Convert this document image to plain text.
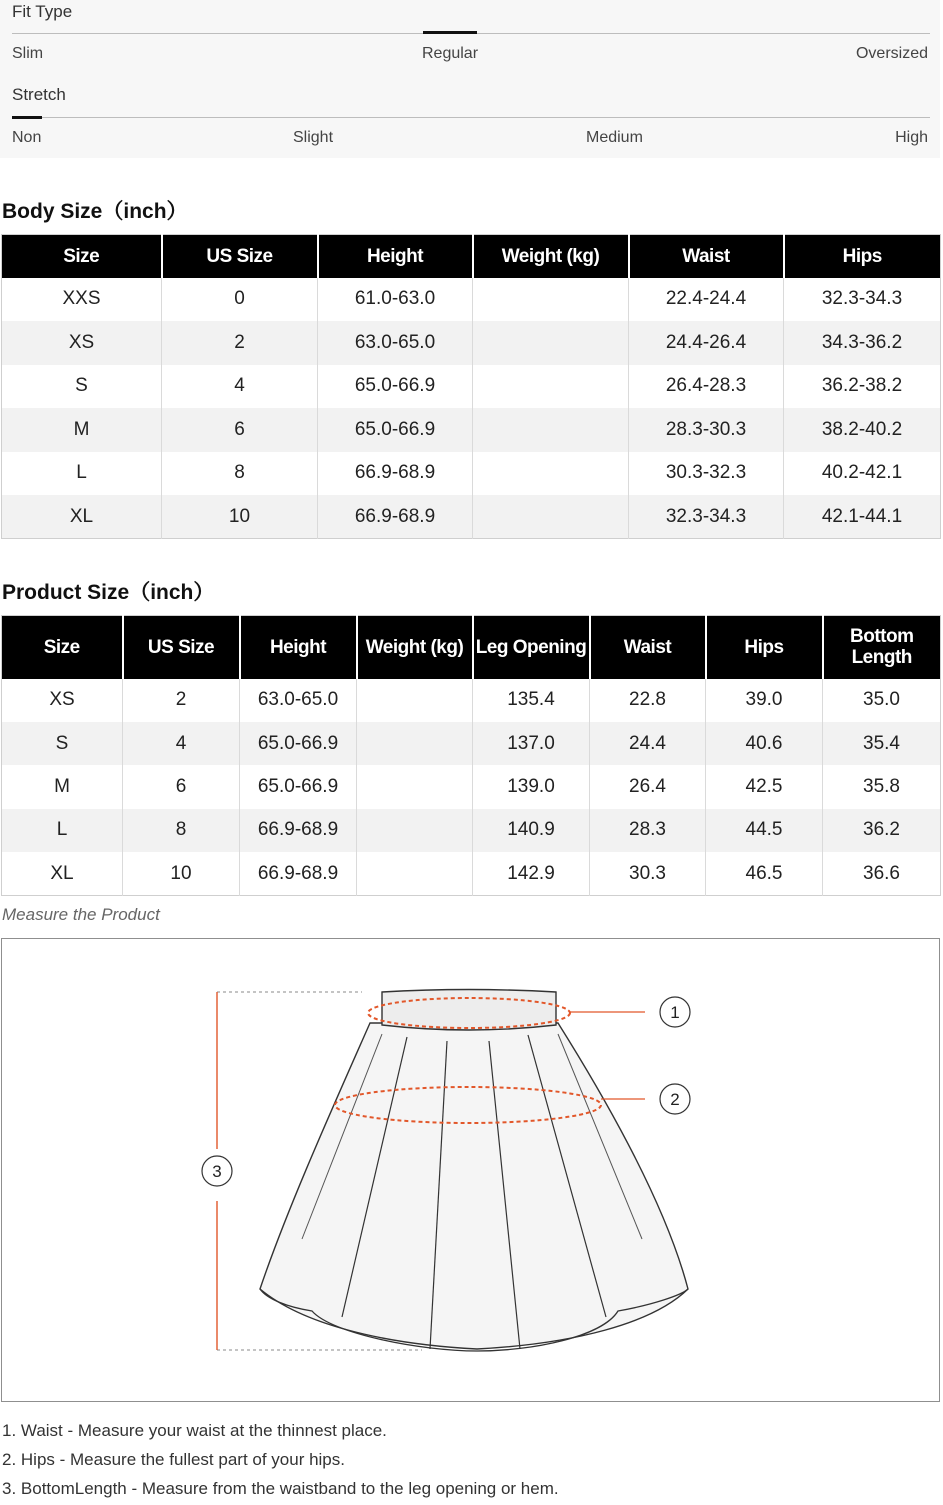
Fit Type
Slim	Regular	Oversized
Stretch
Non	Slight	Medium	High
Body Size（inch）
Size	US Size	Height	Weight (kg)	Waist	Hips
XXS	0	61.0-63.0		22.4-24.4	32.3-34.3
XS	2	63.0-65.0		24.4-26.4	34.3-36.2
S	4	65.0-66.9		26.4-28.3	36.2-38.2
M	6	65.0-66.9		28.3-30.3	38.2-40.2
L	8	66.9-68.9		30.3-32.3	40.2-42.1
XL	10	66.9-68.9		32.3-34.3	42.1-44.1
Product Size（inch）
Size	US Size	Height	Weight (kg)	Leg Opening	Waist	Hips	Bottom Length
XS	2	63.0-65.0		135.4	22.8	39.0	35.0
S	4	65.0-66.9		137.0	24.4	40.6	35.4
M	6	65.0-66.9		139.0	26.4	42.5	35.8
L	8	66.9-68.9		140.9	28.3	44.5	36.2
XL	10	66.9-68.9		142.9	30.3	46.5	36.6
Measure the Product
1
2
3
1. Waist - Measure your waist at the thinnest place.
2. Hips - Measure the fullest part of your hips.
3. BottomLength - Measure from the waistband to the leg opening or hem.
